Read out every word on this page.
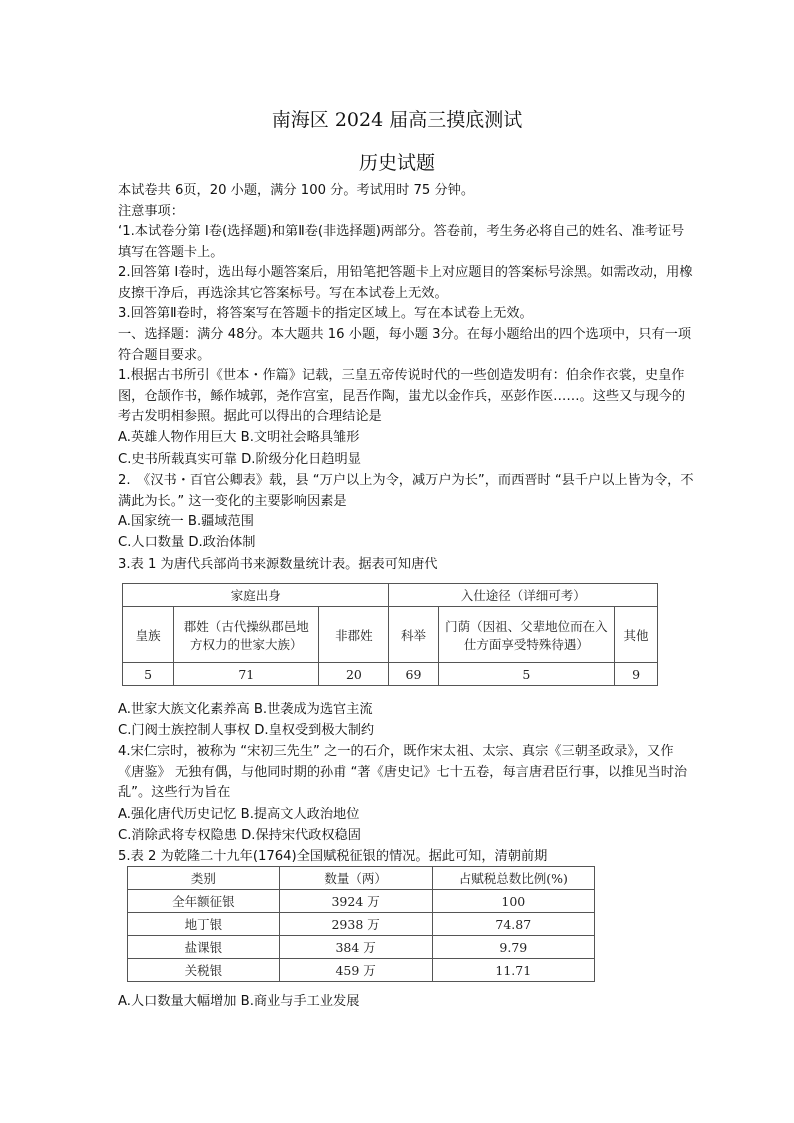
南海区 2024 届高三摸底测试
历史试题

本试卷共 6页，20 小题，满分 100 分。考试用时 75 分钟。

注意事项：

‘1.本试卷分第 Ⅰ卷(选择题)和第Ⅱ卷(非选择题)两部分。答卷前，考生务必将自己的姓名、准考证号填写在答题卡上。

2.回答第 Ⅰ卷时，选出每小题答案后，用铅笔把答题卡上对应题目的答案标号涂黑。如需改动，用橡皮擦干净后，再选涂其它答案标号。写在本试卷上无效。

3.回答第Ⅱ卷时，将答案写在答题卡的指定区域上。写在本试卷上无效。

一、选择题：满分 48分。本大题共 16 小题，每小题 3分。在每小题给出的四个选项中，只有一项符合题目要求。

1.根据古书所引《世本・作篇》记载，三皇五帝传说时代的一些创造发明有：伯余作衣裳，史皇作图，仓颉作书，鲧作城郭，尧作宫室，昆吾作陶，蚩尤以金作兵，巫彭作医……。这些又与现今的考古发明相参照。据此可以得出的合理结论是

A.英雄人物作用巨大 B.文明社会略具雏形

C.史书所载真实可靠 D.阶级分化日趋明显

2.　《汉书・百官公卿表》载，县 “万户以上为令，减万户为长”，而西晋时 “县千户以上皆为令，不满此为长。” 这一变化的主要影响因素是

A.国家统一 B.疆域范围

C.人口数量 D.政治体制

3.表 1 为唐代兵部尚书来源数量统计表。据表可知唐代

家庭出身			入仕途径（详细可考）		
皇族	郡姓（古代操纵郡邑地方权力的世家大族）	非郡姓	科举	门荫（因祖、父辈地位而在入仕方面享受特殊待遇）	其他
5	71	20	69	5	9

A.世家大族文化素养高 B.世袭成为选官主流

C.门阀士族控制人事权 D.皇权受到极大制约

4.宋仁宗时，被称为 “宋初三先生” 之一的石介，既作宋太祖、太宗、真宗《三朝圣政录》，又作《唐鉴》 无独有偶，与他同时期的孙甫 “著《唐史记》七十五卷，每言唐君臣行事，以推见当时治乱”。这些行为旨在

A.强化唐代历史记忆 B.提高文人政治地位

C.消除武将专权隐患 D.保持宋代政权稳固

5.表 2 为乾隆二十九年(1764)全国赋税征银的情况。据此可知，清朝前期

类别	数量（两）	占赋税总数比例(%)
全年额征银	3924 万	100
地丁银	2938 万	74.87
盐课银	384 万	9.79
关税银	459 万	11.71

A.人口数量大幅增加 B.商业与手工业发展
